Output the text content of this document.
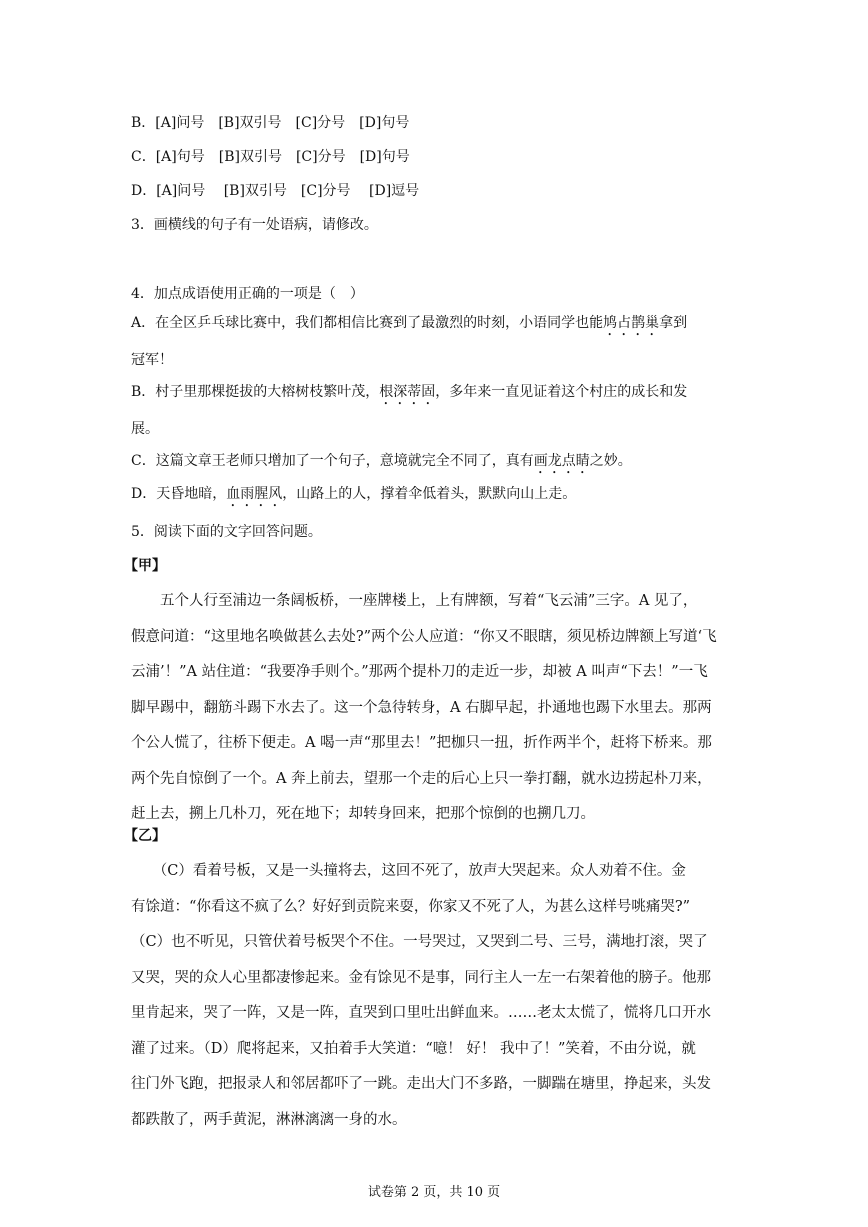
B．[A]问号　[B]双引号　[C]分号　[D]句号
C．[A]句号　[B]双引号　[C]分号　[D]句号
D．[A]问号　 [B]双引号　[C]分号　 [D]逗号
3．画横线的句子有一处语病，请修改。
4．加点成语使用正确的一项是（　）
A．在全区乒乓球比赛中，我们都相信比赛到了最激烈的时刻，小语同学也能鸠占鹊巢拿到
冠军！
B．村子里那棵挺拔的大榕树枝繁叶茂，根深蒂固，多年来一直见证着这个村庄的成长和发
展。
C．这篇文章王老师只增加了一个句子，意境就完全不同了，真有画龙点睛之妙。
D．天昏地暗，血雨腥风，山路上的人，撑着伞低着头，默默向山上走。
5．阅读下面的文字回答问题。
【甲】
　　五个人行至浦边一条阔板桥，一座牌楼上，上有牌额，写着“飞云浦”三字。A 见了，
假意问道：“这里地名唤做甚么去处?”两个公人应道：“你又不眼瞎，须见桥边牌额上写道‘飞
云浦’！”A 站住道：“我要净手则个。”那两个提朴刀的走近一步，却被 A 叫声“下去！”一飞
脚早踢中，翻筋斗踢下水去了。这一个急待转身，A 右脚早起，扑通地也踢下水里去。那两
个公人慌了，往桥下便走。A 喝一声“那里去！”把枷只一扭，折作两半个，赶将下桥来。那
两个先自惊倒了一个。A 奔上前去，望那一个走的后心上只一拳打翻，就水边捞起朴刀来，
赶上去，搠上几朴刀，死在地下；却转身回来，把那个惊倒的也搠几刀。
【乙】
　　（C）看着号板，又是一头撞将去，这回不死了，放声大哭起来。众人劝着不住。金
有馀道：“你看这不疯了么？好好到贡院来耍，你家又不死了人，为甚么这样号咷痛哭?”
（C）也不听见，只管伏着号板哭个不住。一号哭过，又哭到二号、三号，满地打滚，哭了
又哭，哭的众人心里都凄惨起来。金有馀见不是事，同行主人一左一右架着他的膀子。他那
里肯起来，哭了一阵，又是一阵，直哭到口里吐出鲜血来。……老太太慌了，慌将几口开水
灌了过来。（D）爬将起来，又拍着手大笑道：“噫！ 好！ 我中了！”笑着，不由分说，就
往门外飞跑，把报录人和邻居都吓了一跳。走出大门不多路，一脚踹在塘里，挣起来，头发
都跌散了，两手黄泥，淋淋漓漓一身的水。
试卷第 2 页，共 10 页
